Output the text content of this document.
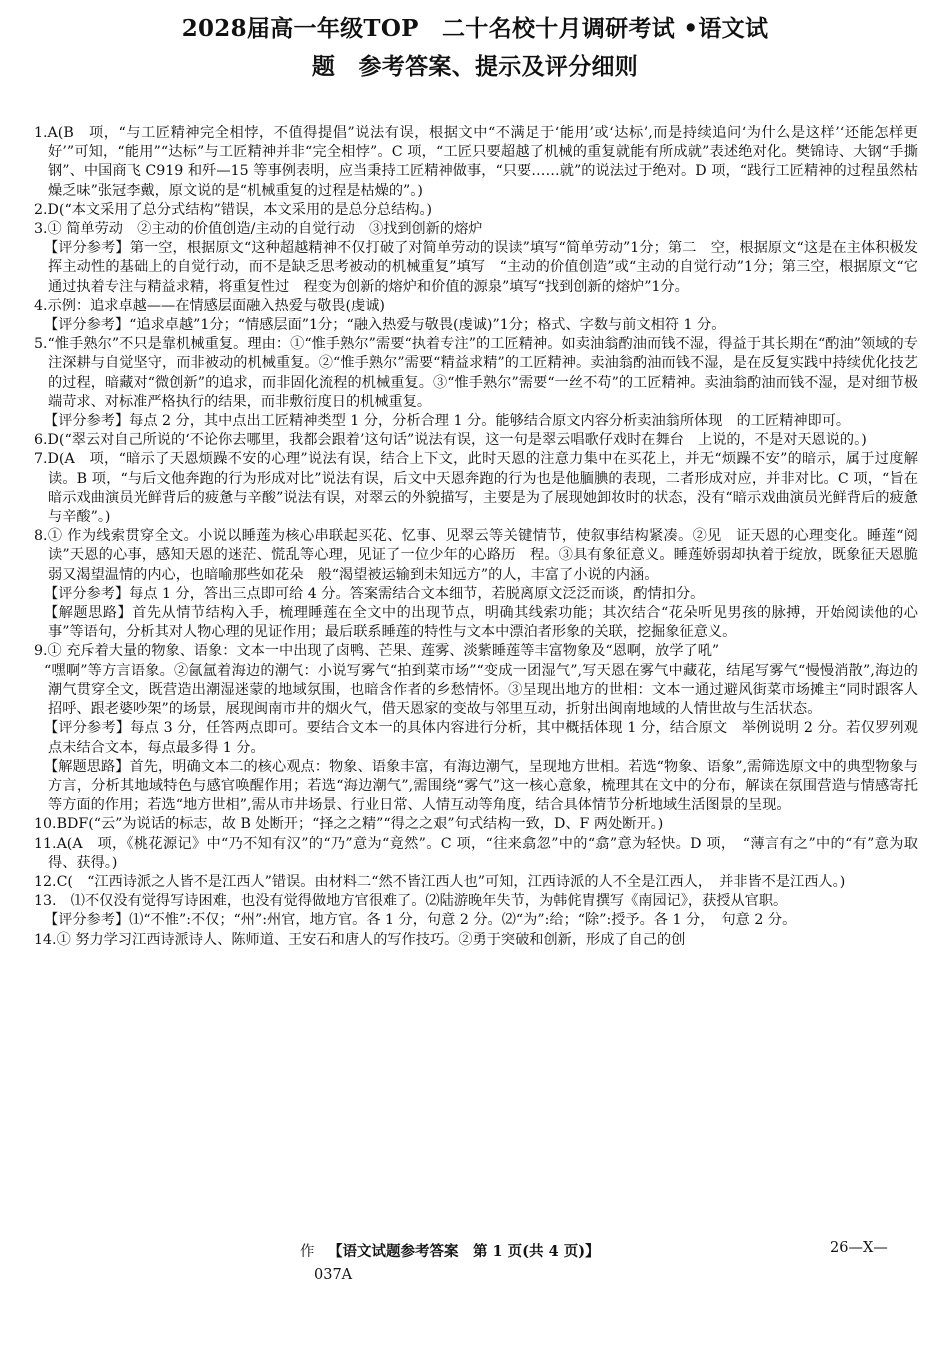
2028届高一年级TOP　二十名校十月调研考试 •语文试
题　参考答案、提示及评分细则

1.A(B　项，“与工匠精神完全相悖，不值得提倡”说法有误，根据文中“不满足于‘能用’或‘达标’,而是持续追问‘为什么是这样’‘还能怎样更好’”可知，“能用”“达标”与工匠精神并非“完全相悖”。C 项，“工匠只要超越了机械的重复就能有所成就”表述绝对化。樊锦诗、大钢“手撕钢”、中国商飞 C919 和歼—15 等事例表明，应当秉持工匠精神做事，“只要……就”的说法过于绝对。D 项，“践行工匠精神的过程虽然枯燥乏味”张冠李戴，原文说的是“机械重复的过程是枯燥的”。)

2.D(“本文采用了总分式结构”错误，本文采用的是总分总结构。)

3.① 简单劳动　②主动的价值创造/主动的自觉行动　③找到创新的熔炉

【评分参考】第一空，根据原文“这种超越精神不仅打破了对简单劳动的误读”填写“简单劳动”1分；第二　空，根据原文“这是在主体积极发挥主动性的基础上的自觉行动，而不是缺乏思考被动的机械重复”填写　“主动的价值创造”或“主动的自觉行动”1分；第三空，根据原文“它通过执着专注与精益求精，将重复性过　程变为创新的熔炉和价值的源泉”填写“找到创新的熔炉”1分。

4.示例：追求卓越——在情感层面融入热爱与敬畏(虔诚)

【评分参考】“追求卓越”1分；“情感层面”1分；“融入热爱与敬畏(虔诚)”1分；格式、字数与前文相符 1 分。

5.“惟手熟尔”不只是靠机械重复。理由：①“惟手熟尔”需要“执着专注”的工匠精神。如卖油翁酌油而钱不湿，得益于其长期在“酌油”领域的专注深耕与自觉坚守，而非被动的机械重复。②“惟手熟尔”需要“精益求精”的工匠精神。卖油翁酌油而钱不湿，是在反复实践中持续优化技艺的过程，暗藏对“微创新”的追求，而非固化流程的机械重复。③“惟手熟尔”需要“一丝不苟”的工匠精神。卖油翁酌油而钱不湿，是对细节极端苛求、对标准严格执行的结果，而非敷衍度日的机械重复。

【评分参考】每点 2 分，其中点出工匠精神类型 1 分，分析合理 1 分。能够结合原文内容分析卖油翁所体现　的工匠精神即可。

6.D(“翠云对自己所说的‘不论你去哪里，我都会跟着’这句话”说法有误，这一句是翠云唱歌仔戏时在舞台　上说的，不是对天恩说的。)

7.D(A　项，“暗示了天恩烦躁不安的心理”说法有误，结合上下文，此时天恩的注意力集中在买花上，并无“烦躁不安”的暗示，属于过度解读。B 项，“与后文他奔跑的行为形成对比”说法有误，后文中天恩奔跑的行为也是他腼腆的表现，二者形成对应，并非对比。C 项，“旨在暗示戏曲演员光鲜背后的疲惫与辛酸”说法有误，对翠云的外貌描写，主要是为了展现她卸妆时的状态，没有“暗示戏曲演员光鲜背后的疲惫与辛酸”。)

8.① 作为线索贯穿全文。小说以睡莲为核心串联起买花、忆事、见翠云等关键情节，使叙事结构紧凑。②见　证天恩的心理变化。睡莲“阅读”天恩的心事，感知天恩的迷茫、慌乱等心理，见证了一位少年的心路历　程。③具有象征意义。睡莲娇弱却执着于绽放，既象征天恩脆弱又渴望温情的内心，也暗喻那些如花朵　般“渴望被运输到未知远方”的人，丰富了小说的内涵。

【评分参考】每点 1 分，答出三点即可给 4 分。答案需结合文本细节，若脱离原文泛泛而谈，酌情扣分。

【解题思路】首先从情节结构入手，梳理睡莲在全文中的出现节点，明确其线索功能；其次结合“花朵听见男孩的脉搏，开始阅读他的心事”等语句，分析其对人物心理的见证作用；最后联系睡莲的特性与文本中漂泊者形象的关联，挖掘象征意义。

9.① 充斥着大量的物象、语象：文本一中出现了卤鸭、芒果、莲雾、淡紫睡莲等丰富物象及“恩啊，放学了吼”

“嘿啊”等方言语象。②氤氲着海边的潮气：小说写雾气“拍到菜市场”“变成一团湿气”,写天恩在雾气中藏花，结尾写雾气“慢慢消散”,海边的潮气贯穿全文，既营造出潮湿迷蒙的地域氛围，也暗含作者的乡愁情怀。③呈现出地方的世相：文本一通过避风街菜市场摊主“同时跟客人招呼、跟老婆吵架”的场景，展现闽南市井的烟火气，借天恩家的变故与邻里互动，折射出闽南地域的人情世故与生活状态。

【评分参考】每点 3 分，任答两点即可。要结合文本一的具体内容进行分析，其中概括体现 1 分，结合原文　举例说明 2 分。若仅罗列观点未结合文本，每点最多得 1 分。

【解题思路】首先，明确文本二的核心观点：物象、语象丰富，有海边潮气，呈现地方世相。若选“物象、语象”,需筛选原文中的典型物象与方言，分析其地域特色与感官唤醒作用；若选“海边潮气”,需围绕“雾气”这一核心意象，梳理其在文中的分布，解读在氛围营造与情感寄托等方面的作用；若选“地方世相”,需从市井场景、行业日常、人情互动等角度，结合具体情节分析地域生活图景的呈现。

10.BDF(“云”为说话的标志，故 B 处断开；“择之之精”“得之之艰”句式结构一致，D、F 两处断开。)

11.A(A　项，《桃花源记》中“乃不知有汉”的“乃”意为“竟然”。C 项，“往来翕忽”中的“翕”意为轻快。D 项，　“薄言有之”中的“有”意为取得、获得。)

12.C(　“江西诗派之人皆不是江西人”错误。由材料二“然不皆江西人也”可知，江西诗派的人不全是江西人，　并非皆不是江西人。)

13.　⑴不仅没有觉得写诗困难，也没有觉得做地方官很难了。⑵陆游晚年失节，为韩侂胄撰写《南园记》，获授从官职。

【评分参考】⑴“不惟”:不仅；“州”:州官，地方官。各 1 分，句意 2 分。⑵“为”:给；“除”:授予。各 1 分，　句意 2 分。

14.① 努力学习江西诗派诗人、陈师道、王安石和唐人的写作技巧。②勇于突破和创新，形成了自己的创

作 【语文试题参考答案　第 1 页(共 4 页)】	26—X—
037A
